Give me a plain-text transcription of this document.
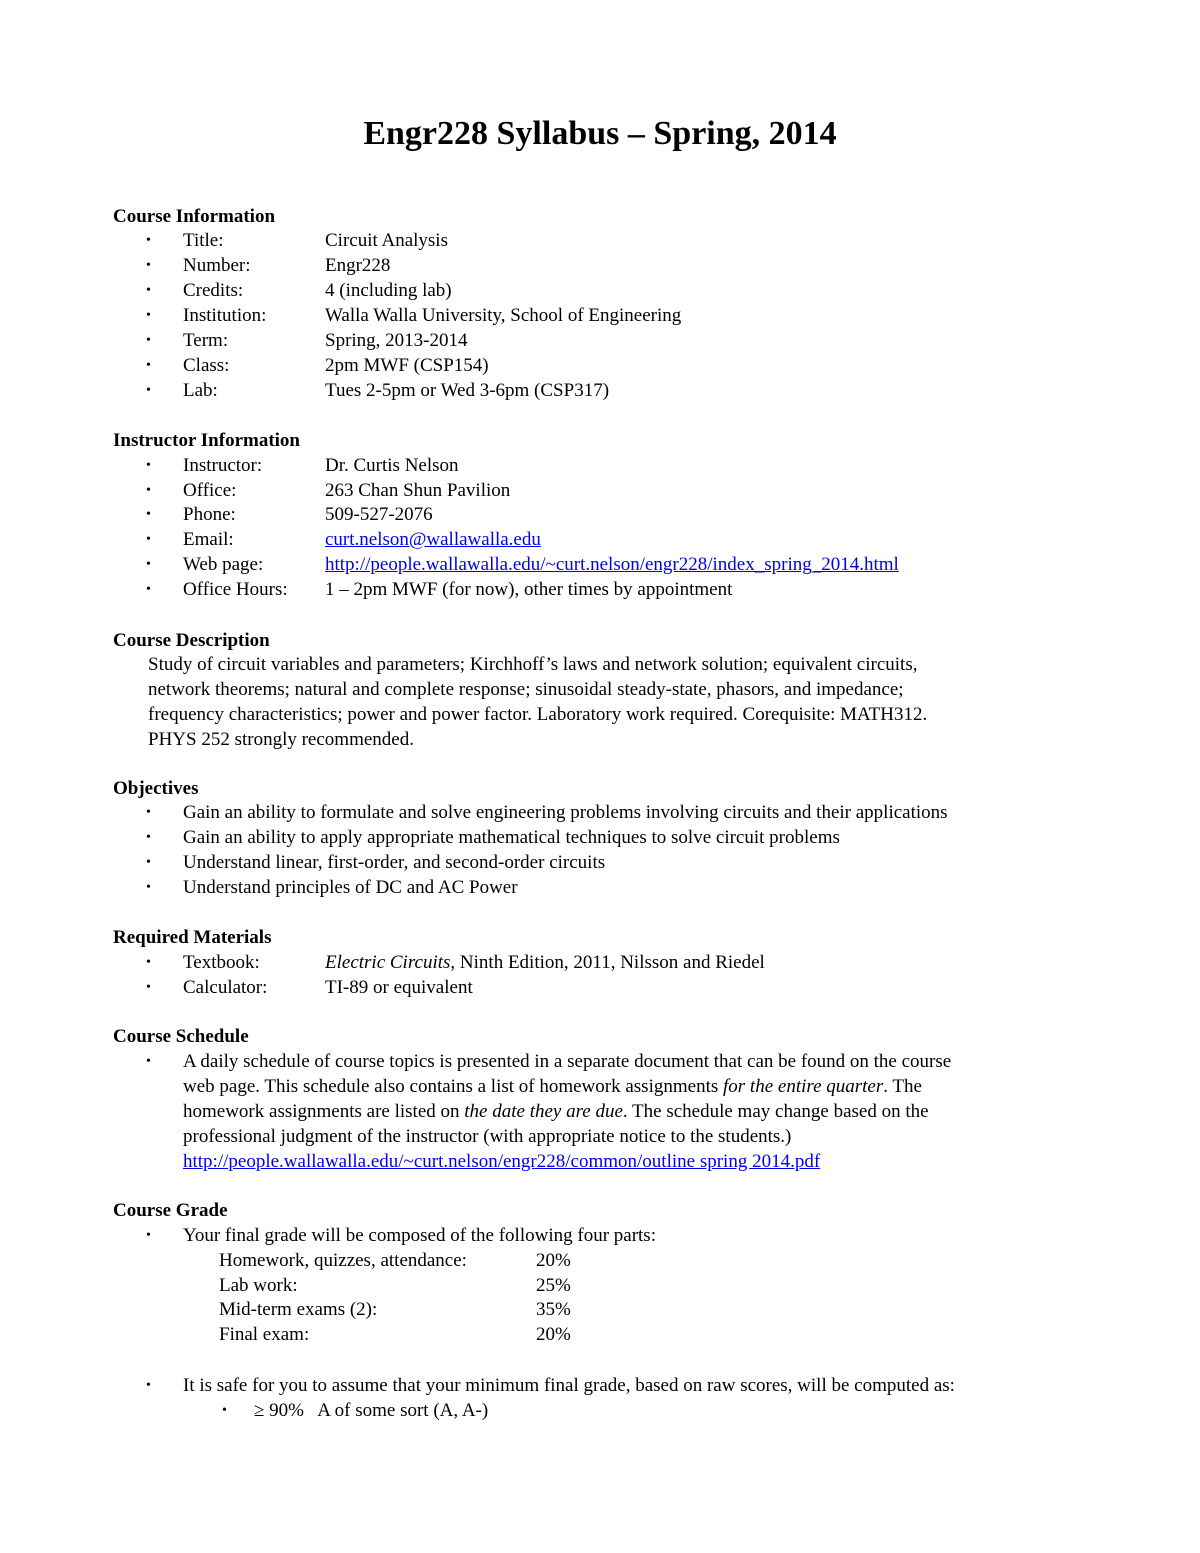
Engr228 Syllabus – Spring, 2014
Course Information
•	Title:	Circuit Analysis
•	Number:	Engr228
•	Credits:	4 (including lab)
•	Institution:	Walla Walla University, School of Engineering
•	Term:	Spring, 2013-2014
•	Class:	2pm MWF (CSP154)
•	Lab:	Tues 2-5pm or Wed 3-6pm (CSP317)
Instructor Information
•	Instructor:	Dr. Curtis Nelson
•	Office:	263 Chan Shun Pavilion
•	Phone:	509-527-2076
•	Email:	curt.nelson@wallawalla.edu
•	Web page:	http://people.wallawalla.edu/~curt.nelson/engr228/index_spring_2014.html
•	Office Hours: 1 – 2pm MWF (for now), other times by appointment
Course Description
Study of circuit variables and parameters; Kirchhoff’s laws and network solution; equivalent circuits,
network theorems; natural and complete response; sinusoidal steady-state, phasors, and impedance;
frequency characteristics; power and power factor. Laboratory work required. Corequisite: MATH312.
PHYS 252 strongly recommended.
Objectives
•	Gain an ability to formulate and solve engineering problems involving circuits and their applications
•	Gain an ability to apply appropriate mathematical techniques to solve circuit problems
•	Understand linear, first-order, and second-order circuits
•	Understand principles of DC and AC Power
Required Materials
•	Textbook:	Electric Circuits, Ninth Edition, 2011, Nilsson and Riedel
•	Calculator:	TI-89 or equivalent
Course Schedule
•	A daily schedule of course topics is presented in a separate document that can be found on the course
web page. This schedule also contains a list of homework assignments for the entire quarter. The
homework assignments are listed on the date they are due. The schedule may change based on the
professional judgment of the instructor (with appropriate notice to the students.)
http://people.wallawalla.edu/~curt.nelson/engr228/common/outline spring 2014.pdf
Course Grade
•	Your final grade will be composed of the following four parts:
Homework, quizzes, attendance:	20%
Lab work:	25%
Mid-term exams (2):	35%
Final exam:	20%
•	It is safe for you to assume that your minimum final grade, based on raw scores, will be computed as:
•	≥ 90%   A of some sort (A, A-)
